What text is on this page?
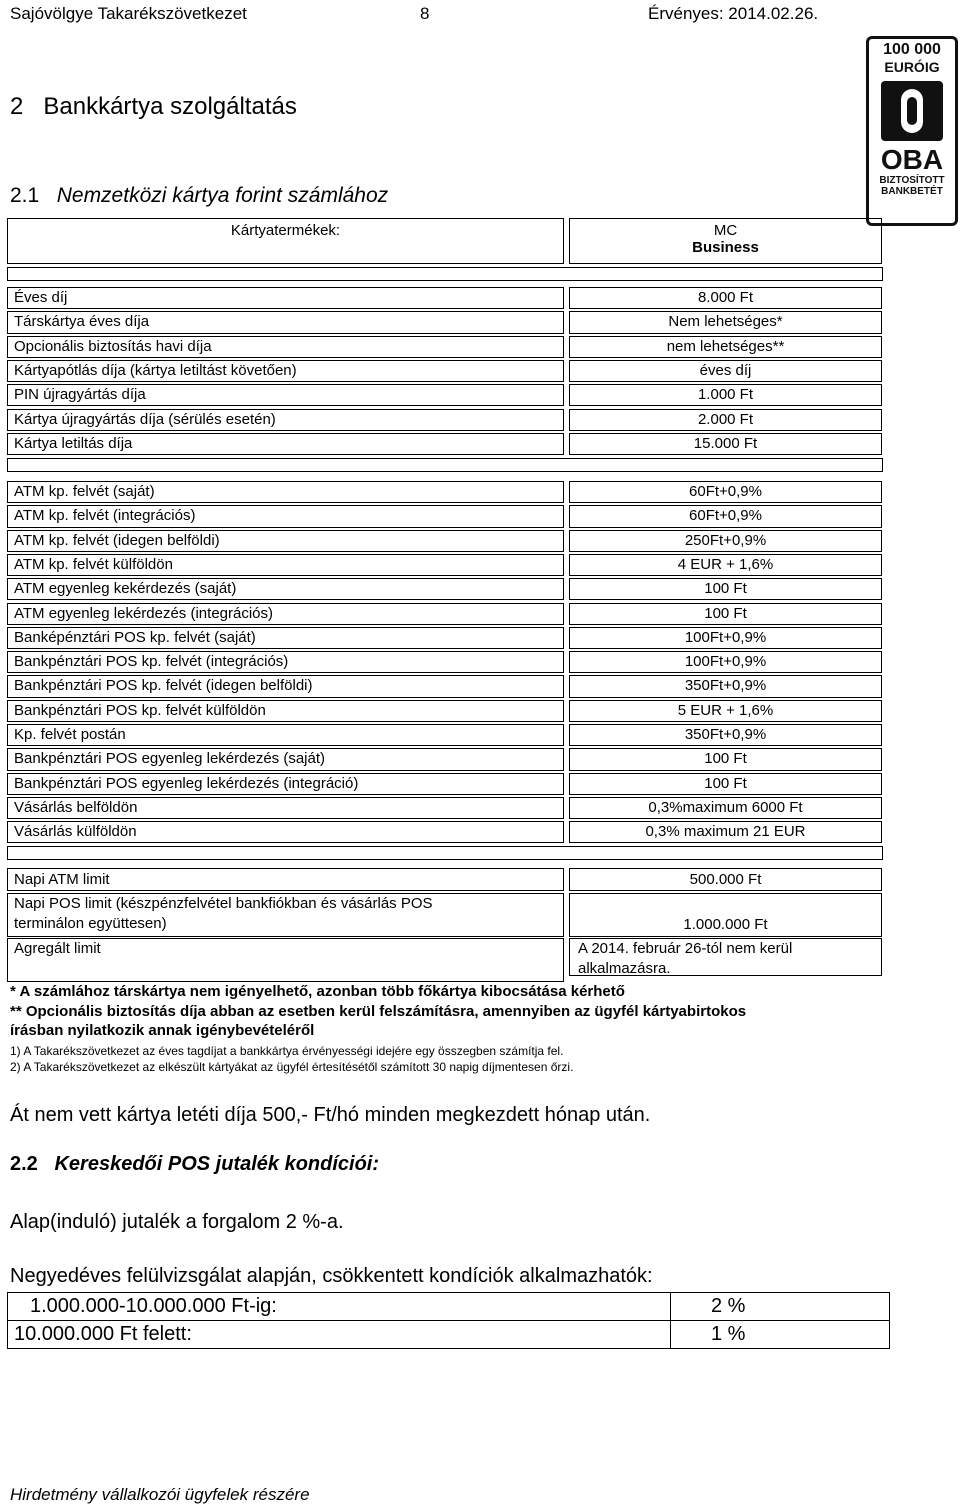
Sajóvölgye Takarékszövetkezet	8	Érvényes: 2014.02.26.
100 000
EURÓIG
OBA
BIZTOSÍTOTT
BANKBETÉT
2 Bankkártya szolgáltatás
2.1 Nemzetközi kártya forint számlához
Kártyatermékek:	MC
Business
Éves díj	8.000 Ft
Társkártya éves díja	Nem lehetséges*
Opcionális biztosítás havi díja	nem lehetséges**
Kártyapótlás díja (kártya letiltást követően)	éves díj
PIN újragyártás díja	1.000 Ft
Kártya újragyártás díja (sérülés esetén)	2.000 Ft
Kártya letiltás díja	15.000 Ft
ATM kp. felvét (saját)	60Ft+0,9%
ATM kp. felvét (integrációs)	60Ft+0,9%
ATM kp. felvét (idegen belföldi)	250Ft+0,9%
ATM kp. felvét külföldön	4 EUR + 1,6%
ATM egyenleg kekérdezés (saját)	100 Ft
ATM egyenleg lekérdezés (integrációs)	100 Ft
Banképénztári POS kp. felvét (saját)	100Ft+0,9%
Bankpénztári POS kp. felvét (integrációs)	100Ft+0,9%
Bankpénztári POS kp. felvét (idegen belföldi)	350Ft+0,9%
Bankpénztári POS kp. felvét külföldön	5 EUR + 1,6%
Kp. felvét postán	350Ft+0,9%
Bankpénztári POS egyenleg lekérdezés (saját)	100 Ft
Bankpénztári POS egyenleg lekérdezés (integráció)	100 Ft
Vásárlás belföldön	0,3%maximum 6000 Ft
Vásárlás külföldön	0,3% maximum 21 EUR
Napi ATM limit	500.000 Ft
Napi POS limit (készpénzfelvétel bankfiókban és vásárlás POS
terminálon együttesen)	1.000.000 Ft
Agregált limit	A 2014. február 26-tól nem kerül
alkalmazásra.
* A számlához társkártya nem igényelhető, azonban több főkártya kibocsátása kérhető
** Opcionális biztosítás díja abban az esetben kerül felszámításra, amennyiben az ügyfél kártyabirtokos
írásban nyilatkozik annak igénybevételéről
1) A Takarékszövetkezet az éves tagdíjat a bankkártya érvényességi idejére egy összegben számítja fel.
2) A Takarékszövetkezet az elkészült kártyákat az ügyfél értesítésétől számított 30 napig díjmentesen őrzi.
Át nem vett kártya letéti díja 500,- Ft/hó minden megkezdett hónap után.
2.2 Kereskedői POS jutalék kondíciói:
Alap(induló) jutalék a forgalom 2 %-a.
Negyedéves felülvizsgálat alapján, csökkentett kondíciók alkalmazhatók:
1.000.000-10.000.000 Ft-ig:	2 %
10.000.000 Ft felett:	1 %
Hirdetmény vállalkozói ügyfelek részére
